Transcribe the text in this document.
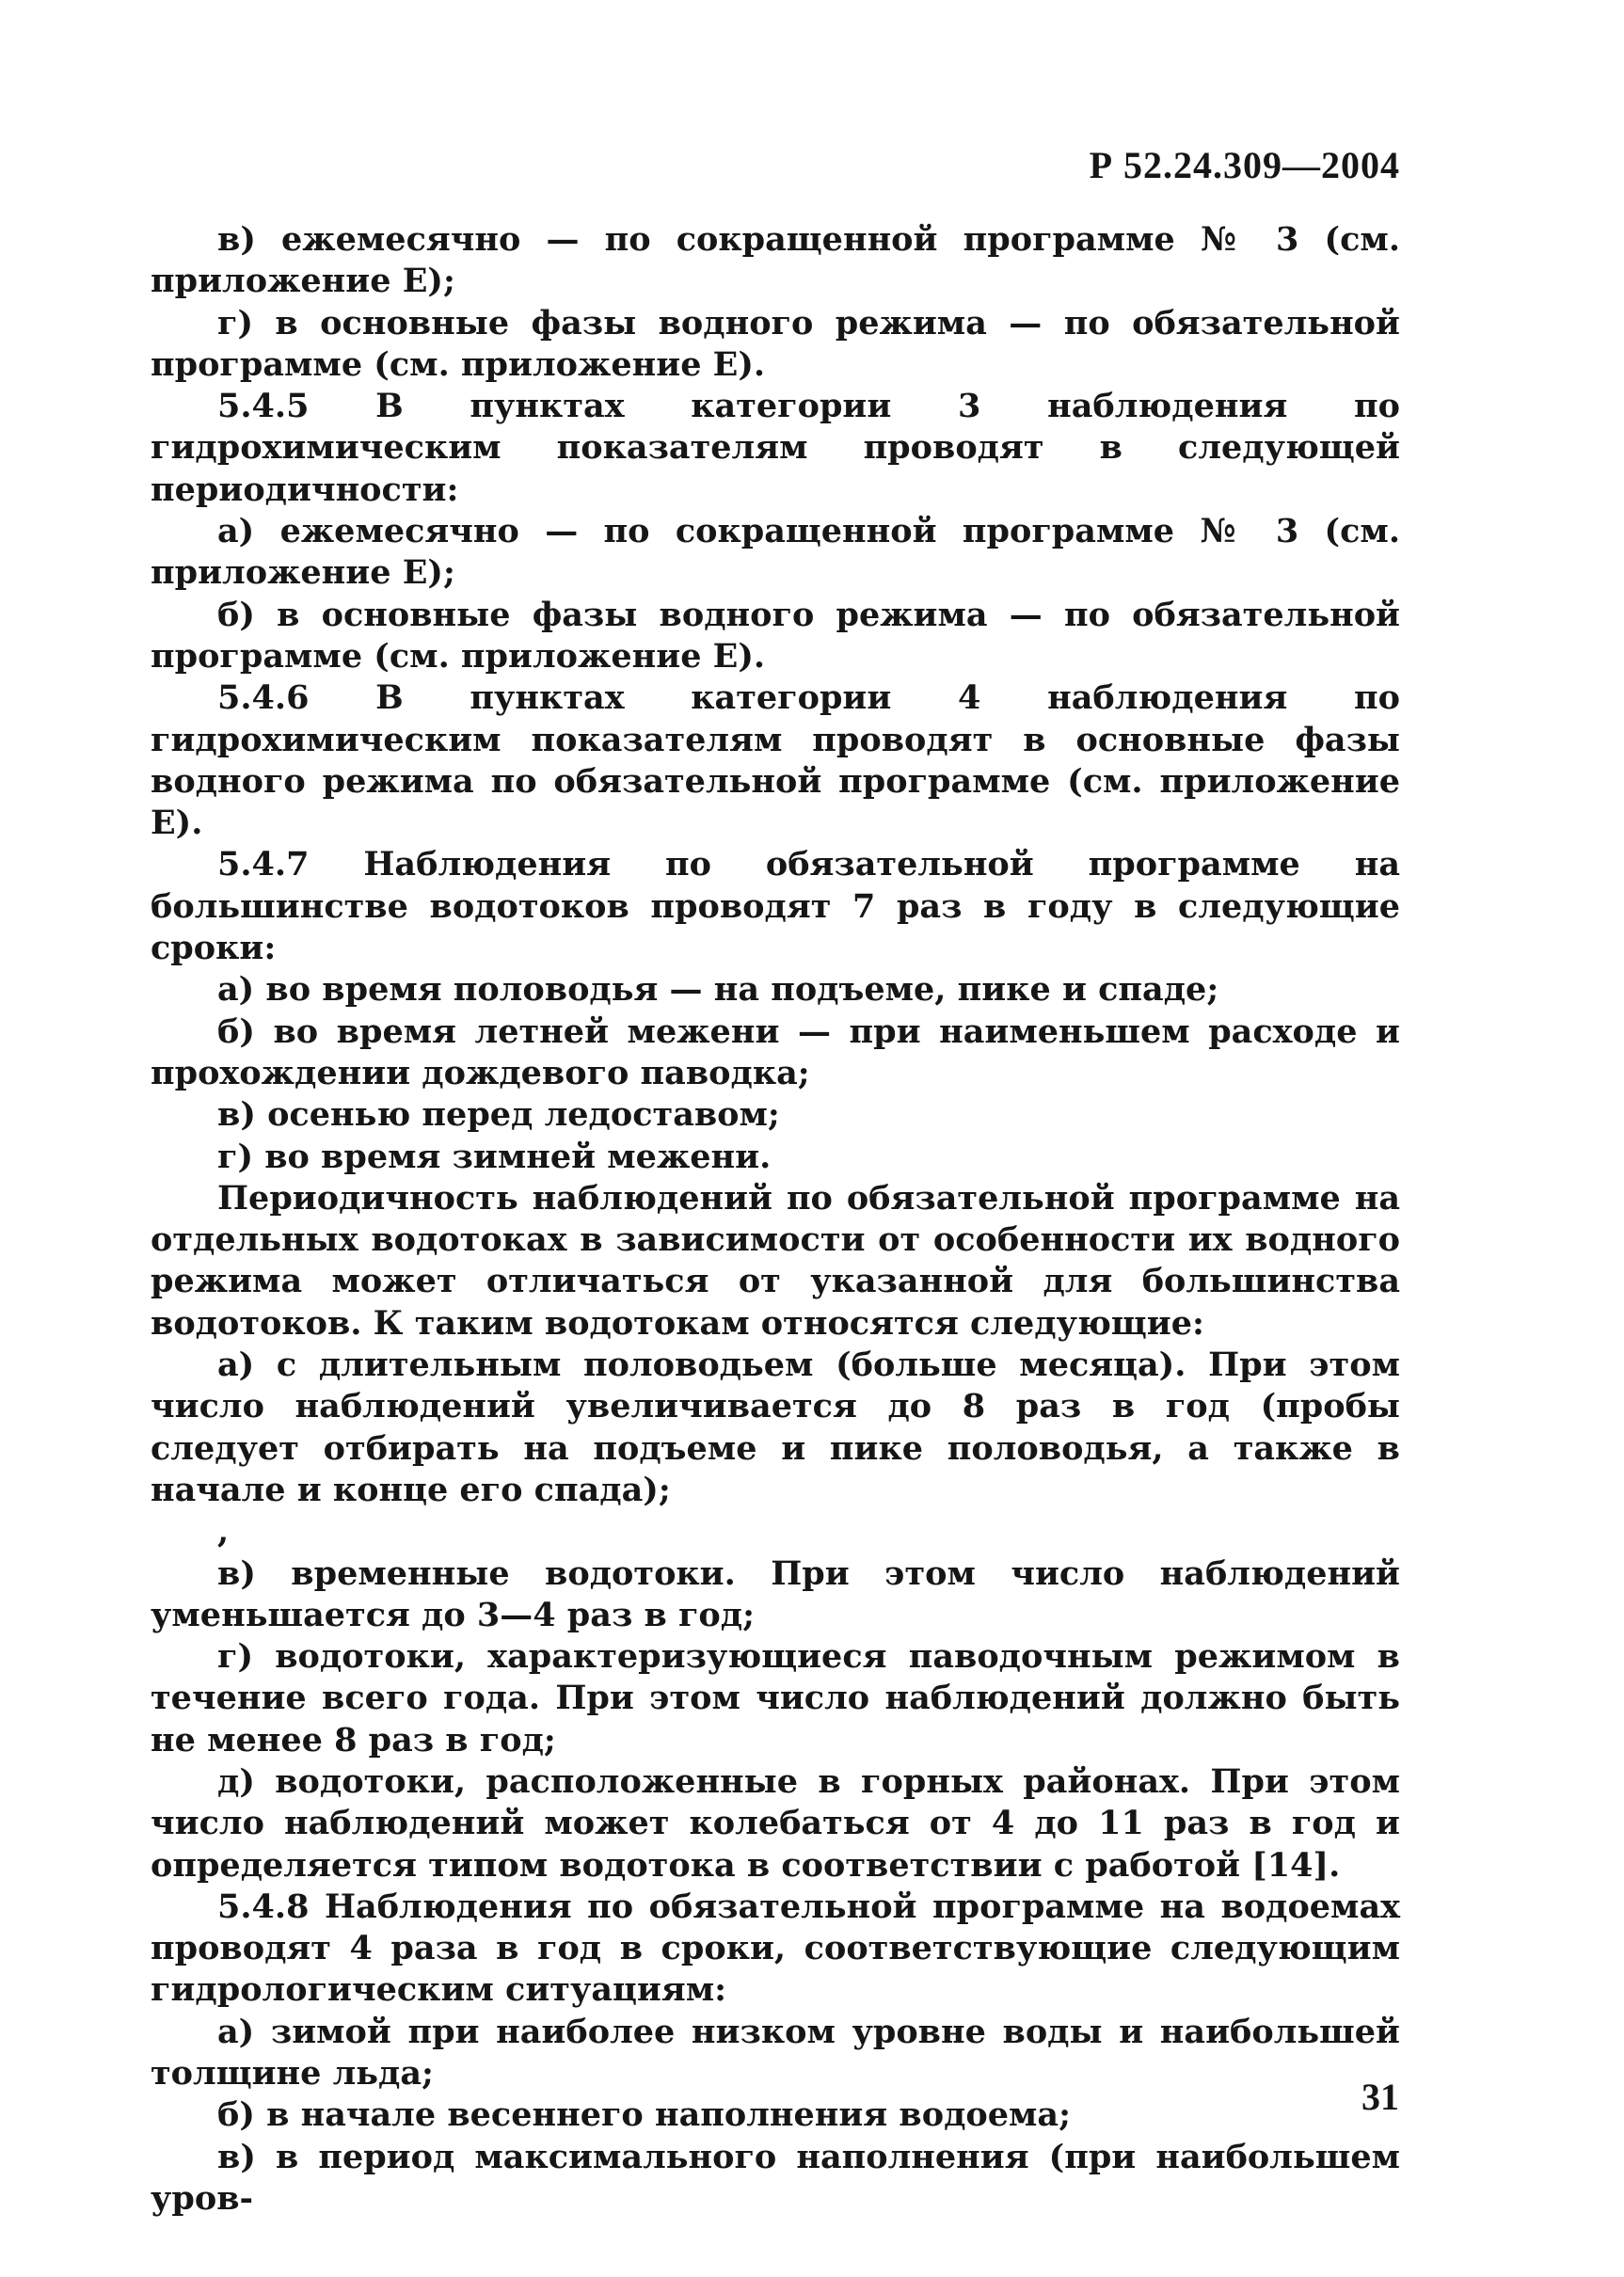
Р 52.24.309—2004

в) ежемесячно — по сокращенной программе № 3 (см. приложение Е);

г) в основные фазы водного режима — по обязательной программе (см. приложение Е).

5.4.5 В пунктах категории 3 наблюдения по гидрохимическим показателям проводят в следующей периодичности:

а) ежемесячно — по сокращенной программе № 3 (см. приложение Е);

б) в основные фазы водного режима — по обязательной программе (см. приложение Е).

5.4.6 В пунктах категории 4 наблюдения по гидрохимическим показателям проводят в основные фазы водного режима по обязательной программе (см. приложение Е).

5.4.7 Наблюдения по обязательной программе на большинстве водотоков проводят 7 раз в году в следующие сроки:

а) во время половодья — на подъеме, пике и спаде;

б) во время летней межени — при наименьшем расходе и прохождении дождевого паводка;

в) осенью перед ледоставом;

г) во время зимней межени.

Периодичность наблюдений по обязательной программе на отдельных водотоках в зависимости от особенности их водного режима может отличаться от указанной для большинства водотоков. К таким водотокам относятся следующие:

а) с длительным половодьем (больше месяца). При этом число наблюдений увеличивается до 8 раз в год (пробы следует отбирать на подъеме и пике половодья, а также в начале и конце его спада);

,

в) временные водотоки. При этом число наблюдений уменьшается до 3—4 раз в год;

г) водотоки, характеризующиеся паводочным режимом в течение всего года. При этом число наблюдений должно быть не менее 8 раз в год;

д) водотоки, расположенные в горных районах. При этом число наблюдений может колебаться от 4 до 11 раз в год и определяется типом водотока в соответствии с работой [14].

5.4.8 Наблюдения по обязательной программе на водоемах проводят 4 раза в год в сроки, соответствующие следующим гидрологическим ситуациям:

а) зимой при наиболее низком уровне воды и наибольшей толщине льда;

б) в начале весеннего наполнения водоема;

в) в период максимального наполнения (при наибольшем уров-

31
